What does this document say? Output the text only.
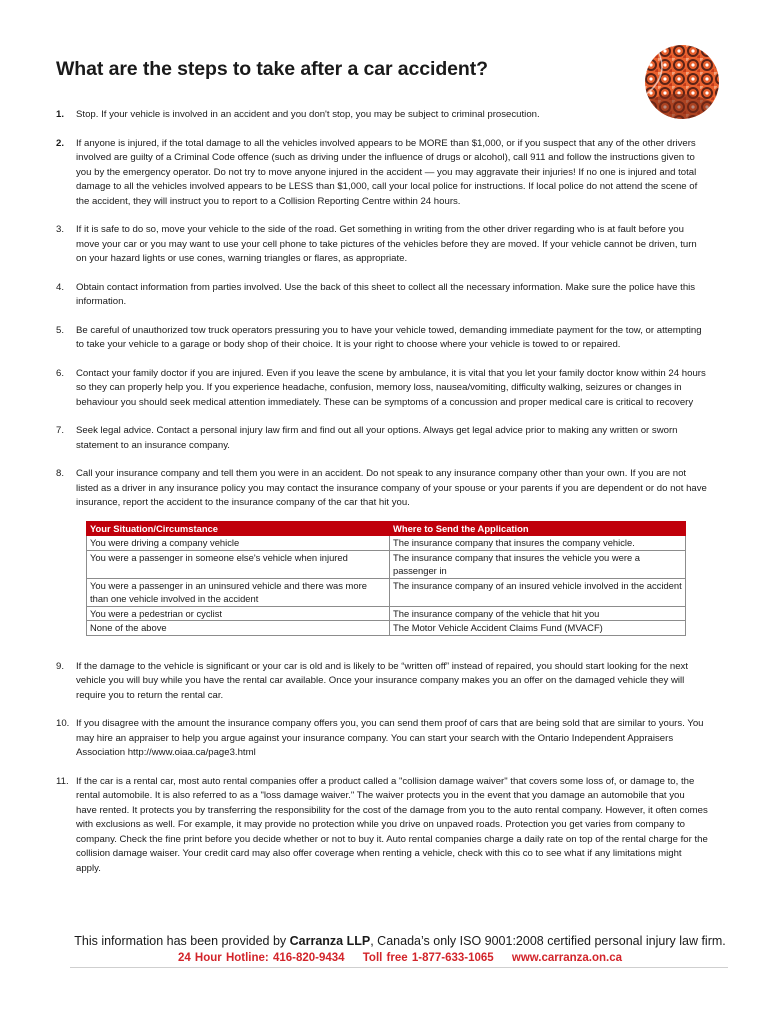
What are the steps to take after a car accident?
1. Stop. If your vehicle is involved in an accident and you don't stop, you may be subject to criminal prosecution.
2. If anyone is injured, if the total damage to all the vehicles involved appears to be MORE than $1,000, or if you suspect that any of the other drivers involved are guilty of a Criminal Code offence (such as driving under the influence of drugs or alcohol), call 911 and follow the instructions given to you by the emergency operator. Do not try to move anyone injured in the accident — you may aggravate their injuries! If no one is injured and total damage to all the vehicles involved appears to be LESS than $1,000, call your local police for instructions. If local police do not attend the scene of the accident, they will instruct you to report to a Collision Reporting Centre within 24 hours.
3. If it is safe to do so, move your vehicle to the side of the road. Get something in writing from the other driver regarding who is at fault before you move your car or you may want to use your cell phone to take pictures of the vehicles before they are moved. If your vehicle cannot be driven, turn on your hazard lights or use cones, warning triangles or flares, as appropriate.
4. Obtain contact information from parties involved. Use the back of this sheet to collect all the necessary information. Make sure the police have this information.
5. Be careful of unauthorized tow truck operators pressuring you to have your vehicle towed, demanding immediate payment for the tow, or attempting to take your vehicle to a garage or body shop of their choice. It is your right to choose where your vehicle is towed to or repaired.
6. Contact your family doctor if you are injured. Even if you leave the scene by ambulance, it is vital that you let your family doctor know within 24 hours so they can properly help you. If you experience headache, confusion, memory loss, nausea/vomiting, difficulty walking, seizures or changes in behaviour you should seek medical attention immediately. These can be symptoms of a concussion and proper medical care is critical to recovery
7. Seek legal advice. Contact a personal injury law firm and find out all your options. Always get legal advice prior to making any written or sworn statement to an insurance company.
8. Call your insurance company and tell them you were in an accident. Do not speak to any insurance company other than your own. If you are not listed as a driver in any insurance policy you may contact the insurance company of your spouse or your parents if you are dependent or do not have insurance, report the accident to the insurance company of the car that hit you.
Your Situation/Circumstance	Where to Send the Application
You were driving a company vehicle	The insurance company that insures the company vehicle.
You were a passenger in someone else's vehicle when injured	The insurance company that insures the vehicle you were a passenger in
You were a passenger in an uninsured vehicle and there was more than one vehicle involved in the accident	The insurance company of an insured vehicle involved in the accident
You were a pedestrian or cyclist	The insurance company of the vehicle that hit you
None of the above	The Motor Vehicle Accident Claims Fund (MVACF)
9. If the damage to the vehicle is significant or your car is old and is likely to be “written off” instead of repaired, you should start looking for the next vehicle you will buy while you have the rental car available. Once your insurance company makes you an offer on the damaged vehicle they will require you to return the rental car.
10. If you disagree with the amount the insurance company offers you, you can send them proof of cars that are being sold that are similar to yours. You may hire an appraiser to help you argue against your insurance company. You can start your search with the Ontario Independent Appraisers Association http://www.oiaa.ca/page3.html
11. If the car is a rental car, most auto rental companies offer a product called a "collision damage waiver" that covers some loss of, or damage to, the rental automobile. It is also referred to as a "loss damage waiver." The waiver protects you in the event that you damage an automobile that you have rented. It protects you by transferring the responsibility for the cost of the damage from you to the auto rental company. However, it often comes with exclusions as well. For example, it may provide no protection while you drive on unpaved roads. Protection you get varies from company to company. Check the fine print before you decide whether or not to buy it. Auto rental companies charge a daily rate on top of the rental charge for the collision damage waiser. Your credit card may also offer coverage when renting a vehicle, check with this co to see what if any limitations might apply.
This information has been provided by Carranza LLP, Canada’s only ISO 9001:2008 certified personal injury law firm.
24 Hour Hotline: 416-820-9434 Toll free 1-877-633-1065 www.carranza.on.ca
